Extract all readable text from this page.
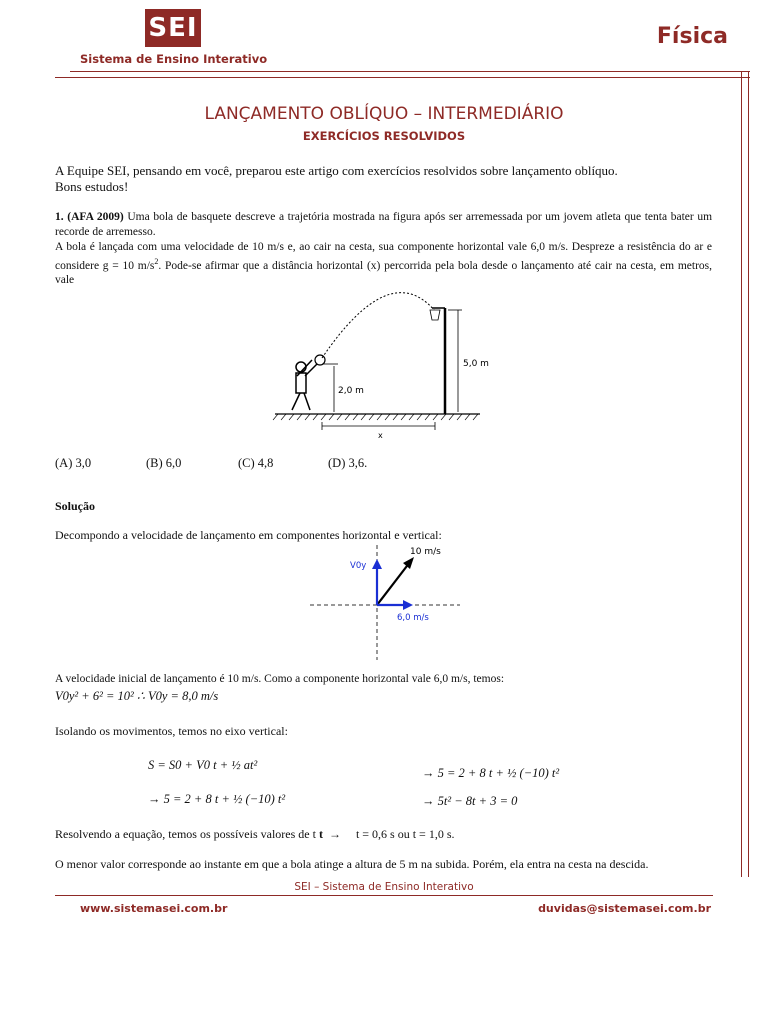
SEI
Sistema de Ensino Interativo
Física
LANÇAMENTO OBLÍQUO – INTERMEDIÁRIO
EXERCÍCIOS RESOLVIDOS
A Equipe SEI, pensando em você, preparou este artigo com exercícios resolvidos sobre lançamento oblíquo.
Bons estudos!
1. (AFA 2009) Uma bola de basquete descreve a trajetória mostrada na figura após ser arremessada por um jovem atleta que tenta bater um recorde de arremesso.
A bola é lançada com uma velocidade de 10 m/s e, ao cair na cesta, sua componente horizontal vale 6,0 m/s. Despreze a resistência do ar e considere g = 10 $m/s^2$. Pode-se afirmar que a distância horizontal (x) percorrida pela bola desde o lançamento até cair na cesta, em metros, vale
2,0 m
5,0 m
x
(A) 3,0	(B) 6,0	(C) 4,8	(D) 3,6.
Solução
Decompondo a velocidade de lançamento em componentes horizontal e vertical:
10 m/s
V0y
6,0 m/s
A velocidade inicial de lançamento é 10 m/s. Como a componente horizontal vale 6,0 m/s, temos:
V0y² + 6² = 10² ∴ V0y = 8,0 m/s
Isolando os movimentos, temos no eixo vertical:
S = S0 + V0 t + ½ at²
→ 5 = 2 + 8 t + ½ (−10) t²
→ 5 = 2 + 8 t + ½ (−10) t²
→ 5t² − 8t + 3 = 0
Resolvendo a equação, temos os possíveis valores de t t  →     t = 0,6 s ou t = 1,0 s.
O menor valor corresponde ao instante em que a bola atinge a altura de 5 m na subida. Porém, ela entra na cesta na descida.
SEI – Sistema de Ensino Interativo
www.sistemasei.com.br	duvidas@sistemasei.com.br
